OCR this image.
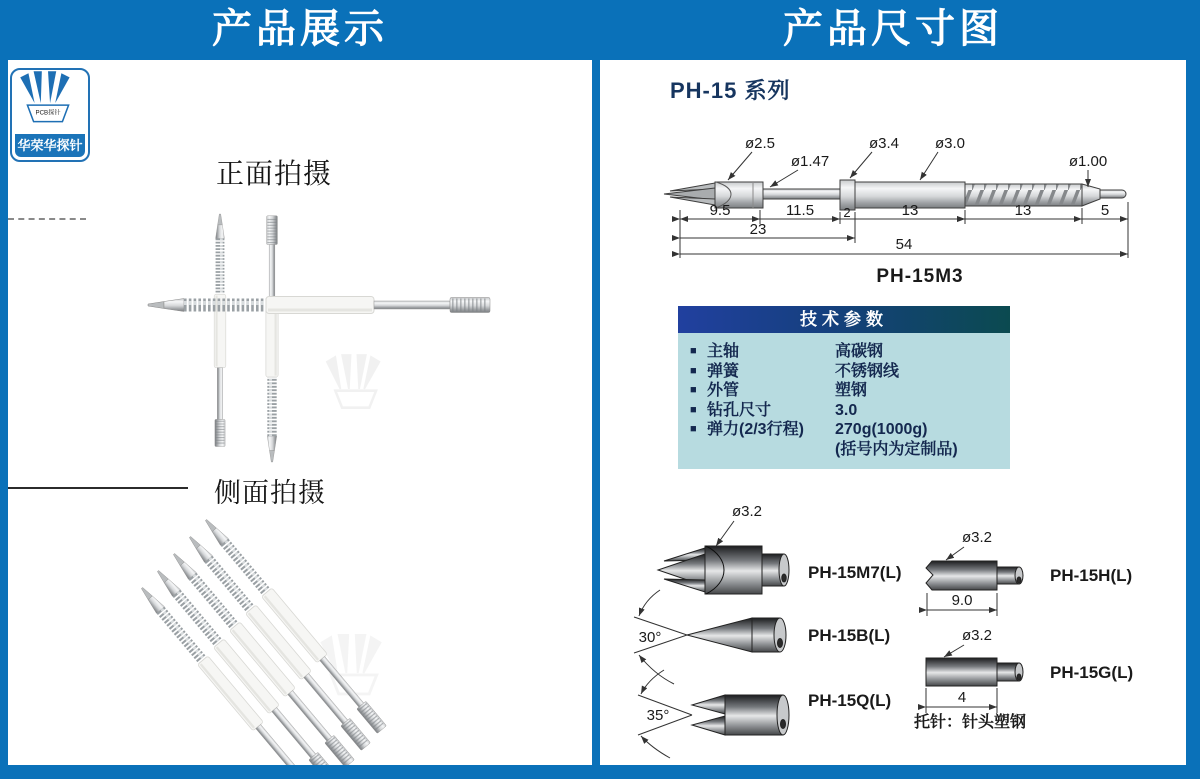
产品展示	产品尺寸图
PCB探针
华荣华探针
正面拍摄
侧面拍摄
PH-15 系列
ø2.5
ø1.47
ø3.4 ø3.0
ø1.00
9.5	11.5 2	13	13	5
23
54
PH-15M3
技术参数
■ 主轴	高碳钢
■ 弹簧	不锈钢线
■ 外管	塑钢
■ 钻孔尺寸	3.0
■ 弹力(2/3行程)	270g(1000g)
(括号内为定制品)
ø3.2
PH-15M7(L)
30°	PH-15B(L)
35°
PH-15Q(L)
ø3.2
9.0
PH-15H(L)
ø3.2
4
PH-15G(L)
托针：针头塑钢
